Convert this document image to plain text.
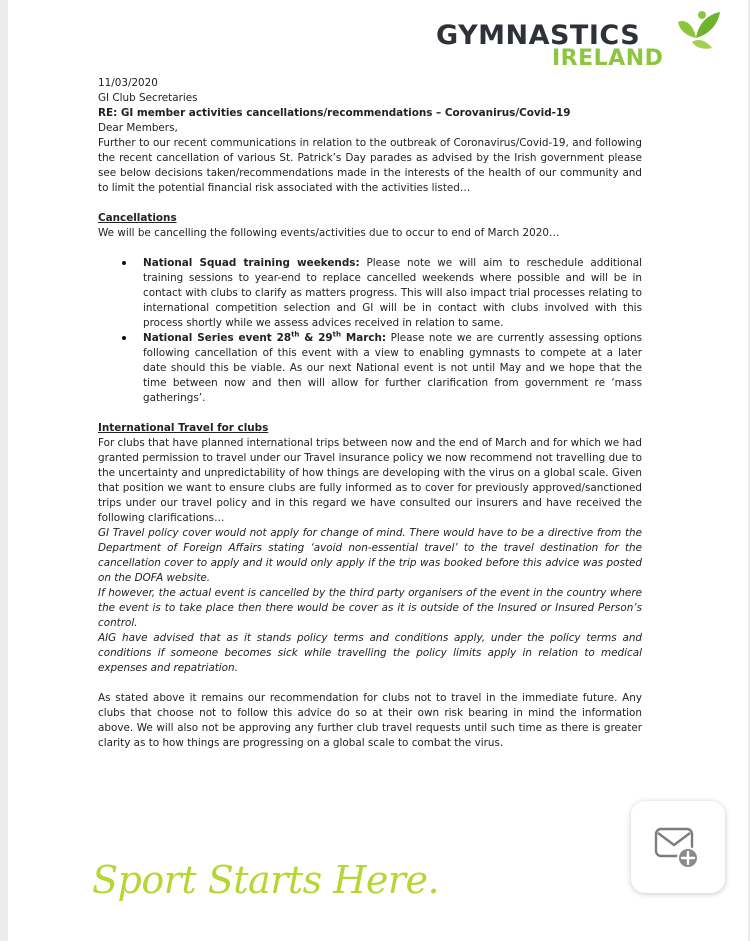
GYMNASTICS
IRELAND

11/03/2020

GI Club Secretaries

RE: GI member activities cancellations/recommendations – Corovanirus/Covid-19

Dear Members,

Further to our recent communications in relation to the outbreak of Coronavirus/Covid-19, and following the recent cancellation of various St. Patrick’s Day parades as advised by the Irish government please see below decisions taken/recommendations made in the interests of the health of our community and to limit the potential financial risk associated with the activities listed…

Cancellations

We will be cancelling the following events/activities due to occur to end of March 2020…

National Squad training weekends: Please note we will aim to reschedule additional training sessions to year-end to replace cancelled weekends where possible and will be in contact with clubs to clarify as matters progress. This will also impact trial processes relating to international competition selection and GI will be in contact with clubs involved with this process shortly while we assess advices received in relation to same.
National Series event 28th & 29th March: Please note we are currently assessing options following cancellation of this event with a view to enabling gymnasts to compete at a later date should this be viable. As our next National event is not until May and we hope that the time between now and then will allow for further clarification from government re ‘mass gatherings’.

International Travel for clubs

For clubs that have planned international trips between now and the end of March and for which we had granted permission to travel under our Travel insurance policy we now recommend not travelling due to the uncertainty and unpredictability of how things are developing with the virus on a global scale. Given that position we want to ensure clubs are fully informed as to cover for previously approved/sanctioned trips under our travel policy and in this regard we have consulted our insurers and have received the following clarifications…

GI Travel policy cover would not apply for change of mind. There would have to be a directive from the Department of Foreign Affairs stating ‘avoid non-essential travel’ to the travel destination for the cancellation cover to apply and it would only apply if the trip was booked before this advice was posted on the DOFA website.

If however, the actual event is cancelled by the third party organisers of the event in the country where the event is to take place then there would be cover as it is outside of the Insured or Insured Person’s control.

AIG have advised that as it stands policy terms and conditions apply, under the policy terms and conditions if someone becomes sick while travelling the policy limits apply in relation to medical expenses and repatriation.

As stated above it remains our recommendation for clubs not to travel in the immediate future. Any clubs that choose not to follow this advice do so at their own risk bearing in mind the information above. We will also not be approving any further club travel requests until such time as there is greater clarity as to how things are progressing on a global scale to combat the virus.

Sport Starts Here.
